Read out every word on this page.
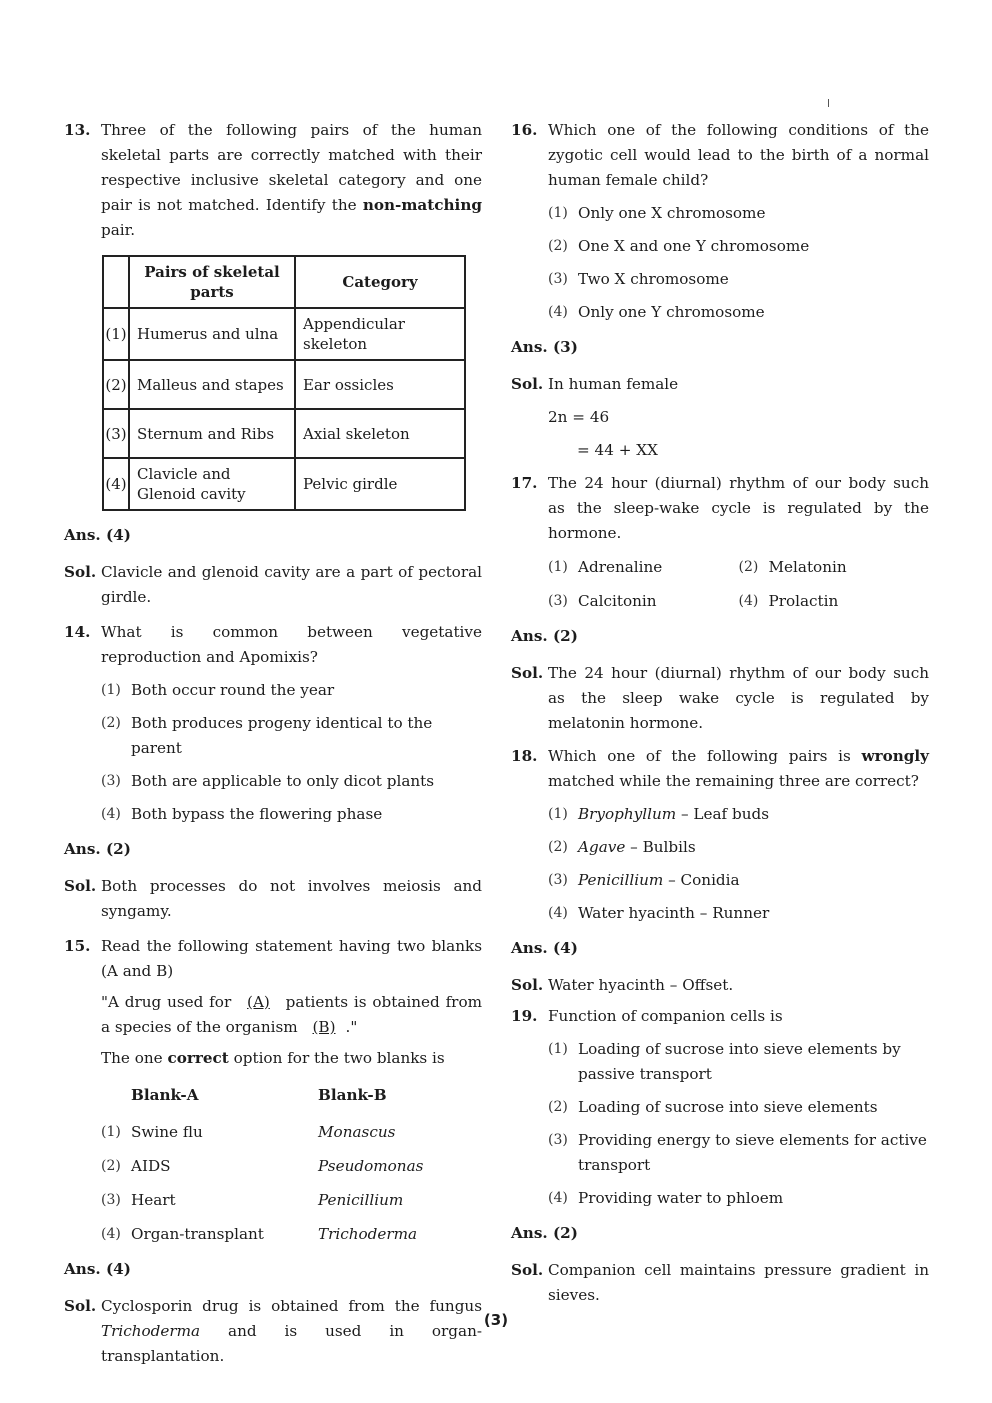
13. Three of the following pairs of the human skeletal parts are correctly matched with their respective inclusive skeletal category and one pair is not matched. Identify the non-matching pair.
	Pairs of skeletal parts	Category
(1)	Humerus and ulna	Appendicular skeleton
(2)	Malleus and stapes	Ear ossicles
(3)	Sternum and Ribs	Axial skeleton
(4)	Clavicle and Glenoid cavity	Pelvic girdle
Ans. (4)
Sol. Clavicle and glenoid cavity are a part of pectoral girdle.
14. What is common between vegetative reproduction and Apomixis?
(1) Both occur round the year
(2) Both produces progeny identical to the parent
(3) Both are applicable to only dicot plants
(4) Both bypass the flowering phase
Ans. (2)
Sol. Both processes do not involves meiosis and syngamy.
15. Read the following statement having two blanks (A and B)
"A drug used for (A) patients is obtained from a species of the organism (B) ."
The one correct option for the two blanks is
Blank-A	Blank-B
(1) Swine flu	Monascus
(2) AIDS	Pseudomonas
(3) Heart	Penicillium
(4) Organ-transplant	Trichoderma
Ans. (4)
Sol. Cyclosporin drug is obtained from the fungus Trichoderma and is used in organ-transplantation.
16. Which one of the following conditions of the zygotic cell would lead to the birth of a normal human female child?
(1) Only one X chromosome
(2) One X and one Y chromosome
(3) Two X chromosome
(4) Only one Y chromosome
Ans. (3)
Sol. In human female
2n = 46
= 44 + XX
17. The 24 hour (diurnal) rhythm of our body such as the sleep-wake cycle is regulated by the hormone.
(1) Adrenaline	(2) Melatonin
(3) Calcitonin	(4) Prolactin
Ans. (2)
Sol. The 24 hour (diurnal) rhythm of our body such as the sleep wake cycle is regulated by melatonin hormone.
18. Which one of the following pairs is wrongly matched while the remaining three are correct?
(1) Bryophyllum – Leaf buds
(2) Agave – Bulbils
(3) Penicillium – Conidia
(4) Water hyacinth – Runner
Ans. (4)
Sol. Water hyacinth – Offset.
19. Function of companion cells is
(1) Loading of sucrose into sieve elements by passive transport
(2) Loading of sucrose into sieve elements
(3) Providing energy to sieve elements for active transport
(4) Providing water to phloem
Ans. (2)
Sol. Companion cell maintains pressure gradient in sieves.
(3)
